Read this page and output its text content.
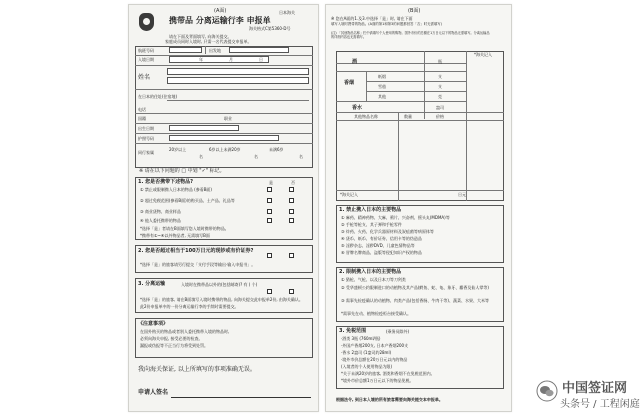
(A面)	日本海关
携带品 分离运输行李 申报单
海关格式C第5360-D号
请在下面及背面填写, 向海关提交。
家庭成员同时入境时, 只需一名代表提交申报单。
航班号码	出发地
入境日期	年	月	日
姓名
在日本的住址(住宿地)
电话
国籍	职业
出生日期
护照号码
同行家属
20岁以上	6岁以上未满20岁	未满6岁
名	名	名
※ 请在以下问题的 □ 中划 "✓" 标记。
1. 您是否携带下述物品?	是	否
① 禁止或限制携入日本的物品 (参看B面)
② 超过免税范围(参看B面)的购买品、土产品、礼品等
③ 商业货物、商业样品
④ 他人委托携带的物品
*选择「是」者请在B面填写您入境时携带的物品。
*携带有①~④以外物品者, 无需填写B面
2. 您是否超过相当于100万日元的现钞或有价证券?
*选择「是」的旅客请另行提交「支付手段等输出·输入申报书」。
3. 分离运输	入境时在携带品以外的(包括邮寄)? 有 ( 个)
*选择「是」的旅客, 请在B面填写入境时携带的物品, 向海关提交此申报单2份, 由海关确认。
此2份申报单中的一份分离运输行李的手续时需要提交。
《注意事项》
在国外购买的物品或者别人委托携带入境的物品时,
必须向海关申报, 接受必要的检查。
漏报或伪报等不正当行为将受到处罚。
我向海关保证, 以上所填写的事项准确无误。
申请人签名
(B面)
※ 您在A面的1.及3.中选择「是」时, 请在下面
填写入境时携带的物品。(A面的第1和第3的问题都回答「否」时无需填写)
(注) 「其他物品名称」栏中请填写个人使用的购物。国外市价的总额在1万日元以下的物品无需填写。分离运输品的详细内容也无需填写。
*海关记入
酒	瓶
香烟
纸烟	支
雪茄	支
其他	克
香水	盎司
其他物品名称	数量	价格
*海关记入	日元
1. 禁止携入日本的主要物品
① 麻药、精神药物、大麻、鸦片、兴奋剂、摇头丸(MDMA)等
② 手枪等枪支、其子弹和手枪零件
③ 炸药、火药、化学兵器原材料及炭疽菌等病原体等
④ 货币、纸币、有价证券、信用卡等的伪造品
⑤ 淫秽杂志、淫秽DVD、儿童色情物品等
⑥ 冒牌名牌商品、盗版等侵犯知识产权的物品
2. 限制携入日本的主要物品
① 猎枪、气枪、以及日本刀等刀剑类
② 受华盛顿公约限制进口的动植物及其产品(鳄鱼、蛇、龟、象牙、麝香及仙人掌等)
③ 需事先检疫确认的动植物、肉类产品(包括香肠、牛肉干等)、蔬菜、水果、大米等
*需事先在动、植物检疫柜台接受确认。
3. 免税范围	(乘务员除外)
·酒类 3瓶 (760ml/瓶)
·外国产香烟200支, 日本产香烟200支
·香水 2盎司 (1盎司约28ml)
·境外市价总额在20万日元以内的物品
(入境者的个人使用物品为限)
*关于未满20岁的旅客, 酒类和香烟不在免税范围内。
*境外市价总额1万日元以下的物品免税。
根据法令, 到日本入境的所有旅客需要向海关提交本申报单。
中国签证网
头条号 / 工程闲庭
